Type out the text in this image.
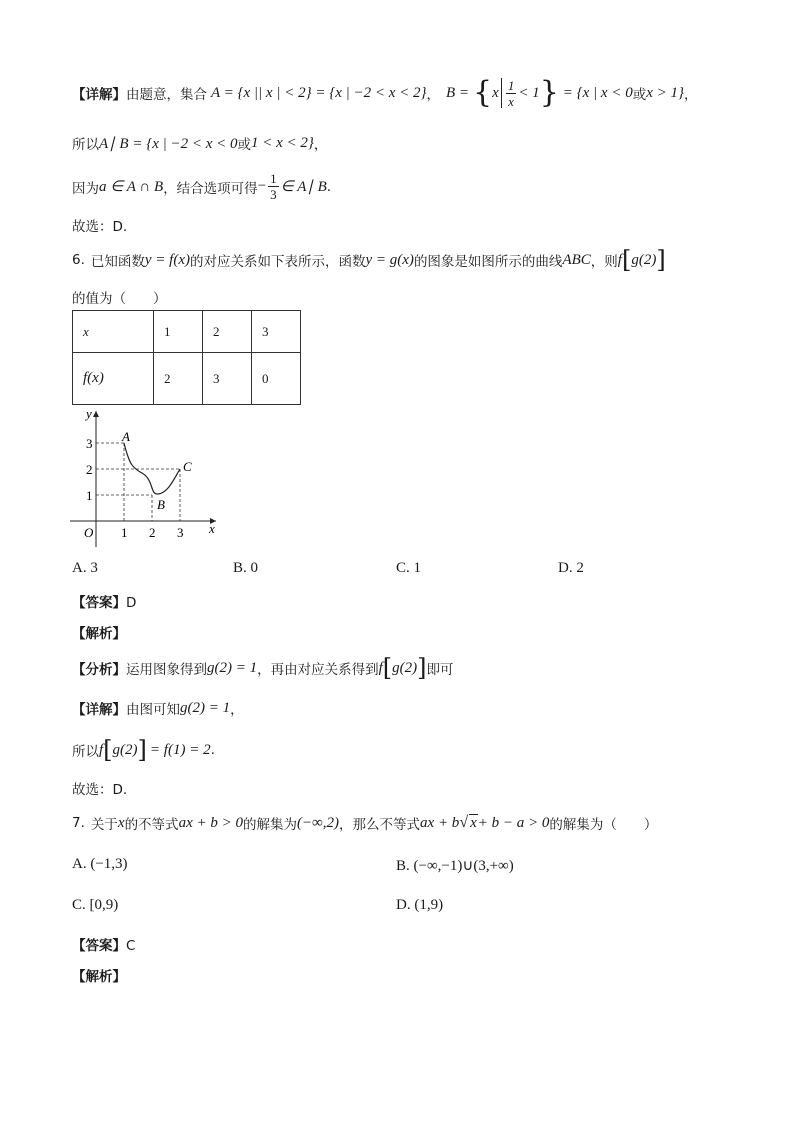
【详解】 由题意，集合 A = {x || x | < 2} = {x | −2 < x < 2} ， B = { x $\frac{1}{x} < 1$ } = {x | x < 0 或 x > 1} ，
所以 A∣ B = {x | −2 < x < 0 或 1 < x < 2} ，
因为 a ∈ A ∩ B ，结合选项可得 − $\frac{1}{3}$ ∈ A∣ B .
故选：D.
6. 已知函数 y = f(x) 的对应关系如下表所示，函数 y = g(x) 的图象是如图所示的曲线 ABC ，则 f [ g(2) ]
的值为（　　）
x	1	2	3
f(x)	2	3	0
y
x
O
3
2
1
1 2 3
A
B
C
A. 3	B. 0	C. 1	D. 2
【答案】D
【解析】
【分析】 运用图象得到 g(2) = 1 ，再由对应关系得到 f [ g(2) ] 即可
【详解】 由图可知 g(2) = 1 ，
所以 f [ g(2) ] = f(1) = 2 .
故选：D.
7. 关于 x 的不等式 ax + b > 0 的解集为 (−∞,2) ，那么不等式 ax + b √ x + b − a > 0 的解集为（　　）
A. (−1,3)	B. (−∞,−1)∪(3,+∞)
C. [0,9)	D. (1,9)
【答案】C
【解析】
